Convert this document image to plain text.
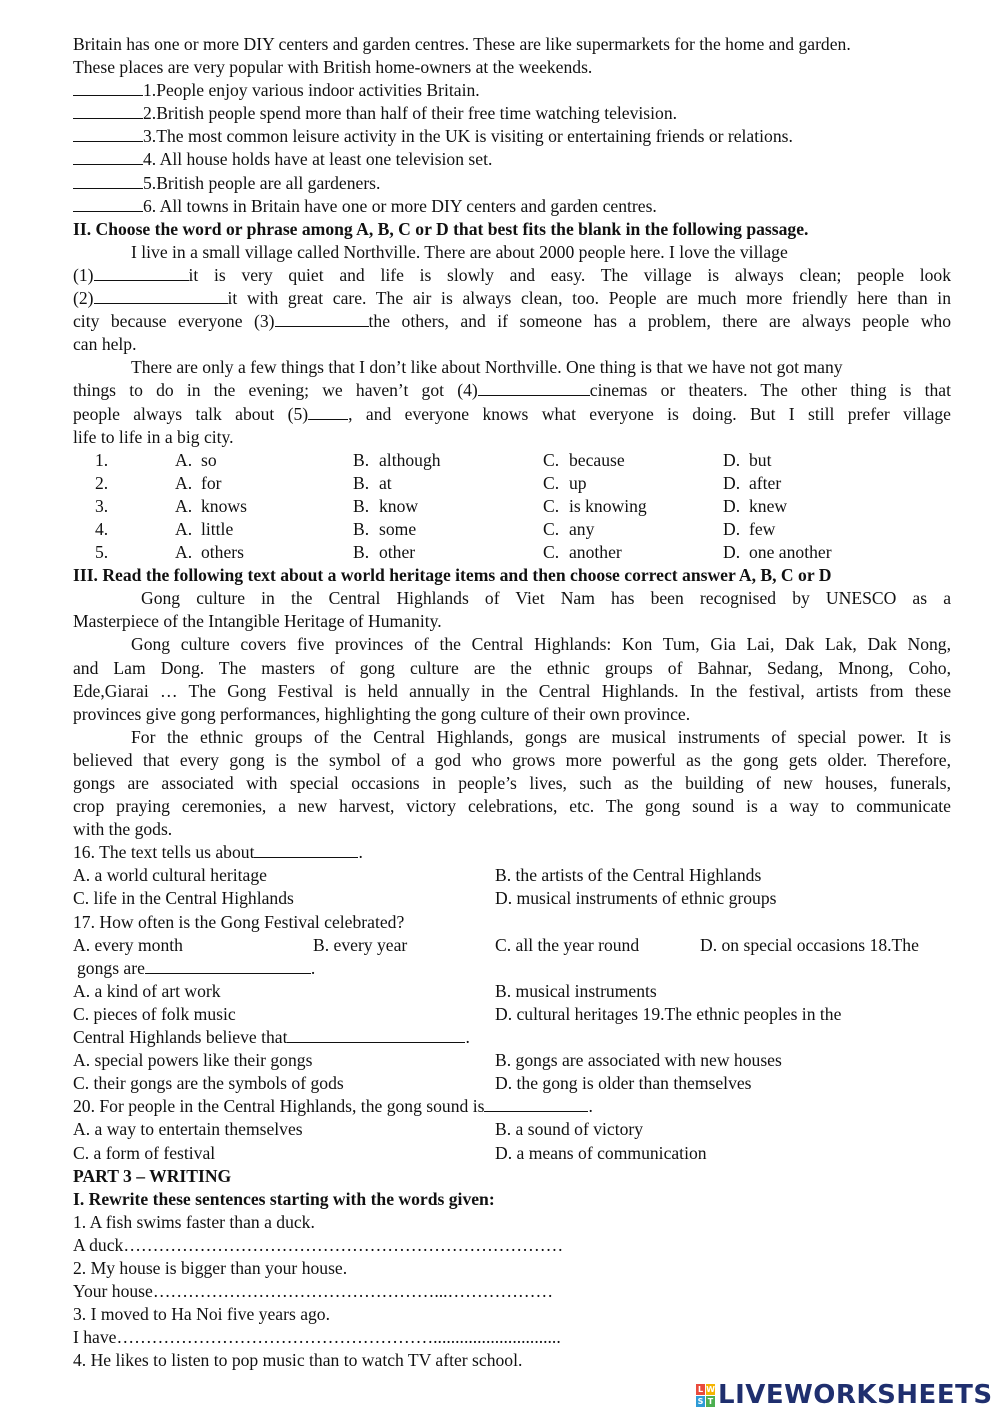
Britain has one or more DIY centers and garden centres. These are like supermarkets for the home and garden.

These places are very popular with British home-owners at the weekends.

1.People enjoy various indoor activities Britain.
2.British people spend more than half of their free time watching television.
3.The most common leisure activity in the UK is visiting or entertaining friends or relations.
4. All house holds have at least one television set.
5.British people are all gardeners.
6. All towns in Britain have one or more DIY centers and garden centres.

II. Choose the word or phrase among A, B, C or D that best fits the blank in the following passage.

I live in a small village called Northville. There are about 2000 people here. I love the village

(1)	it is very quiet and life is slowly and easy. The village is always clean; people look

(2)	it with great care. The air is always clean, too. People are much more friendly here than in

city because everyone (3)	the others, and if someone has a problem, there are always people who

can help.

There are only a few things that I don’t like about Northville. One thing is that we have not got many

things to do in the evening; we haven’t got (4)	cinemas or theaters. The other thing is that

people always talk about (5) , and everyone knows what everyone is doing. But I still prefer village

life to life in a big city.

1.	A. so	B. although	C. because	D. but
2.	A. for	B. at	C. up	D. after
3.	A. knows	B. know	C. is knowing	D. knew
4.	A. little	B. some	C. any	D. few
5.	A. others	B. other	C. another	D. one another

III. Read the following text about a world heritage items and then choose correct answer A, B, C or D

Gong culture in the Central Highlands of Viet Nam has been recognised by UNESCO as a

Masterpiece of the Intangible Heritage of Humanity.

Gong culture covers five provinces of the Central Highlands: Kon Tum, Gia Lai, Dak Lak, Dak Nong,

and Lam Dong. The masters of gong culture are the ethnic groups of Bahnar, Sedang, Mnong, Coho,

Ede,Giarai … The Gong Festival is held annually in the Central Highlands. In the festival, artists from these

provinces give gong performances, highlighting the gong culture of their own province.

For the ethnic groups of the Central Highlands, gongs are musical instruments of special power. It is

believed that every gong is the symbol of a god who grows more powerful as the gong gets older. Therefore,

gongs are associated with special occasions in people’s lives, such as the building of new houses, funerals,

crop praying ceremonies, a new harvest, victory celebrations, etc. The gong sound is a way to communicate

with the gods.

16. The text tells us about	.

A. a world cultural heritage	B. the artists of the Central Highlands
C. life in the Central Highlands	D. musical instruments of ethnic groups

17. How often is the Gong Festival celebrated?

A. every month	B. every year	C. all the year round	D. on special occasions 18.The

gongs are	.

A. a kind of art work	B. musical instruments
C. pieces of folk music	D. cultural heritages 19.The ethnic peoples in the

Central Highlands believe that	.

A. special powers like their gongs	B. gongs are associated with new houses
C. their gongs are the symbols of gods	D. the gong is older than themselves

20. For people in the Central Highlands, the gong sound is	.

A. a way to entertain themselves	B. a sound of victory
C. a form of festival	D. a means of communication

PART 3 – WRITING

I. Rewrite these sentences starting with the words given:

1. A fish swims faster than a duck.

A duck…………………………………………………………………

2. My house is bigger than your house.

Your house…………………………………………...………………

3. I moved to Ha Noi five years ago.

I have……………………………………………….............................

4. He likes to listen to pop music than to watch TV after school.

L W
S T LIVEWORKSHEETS
